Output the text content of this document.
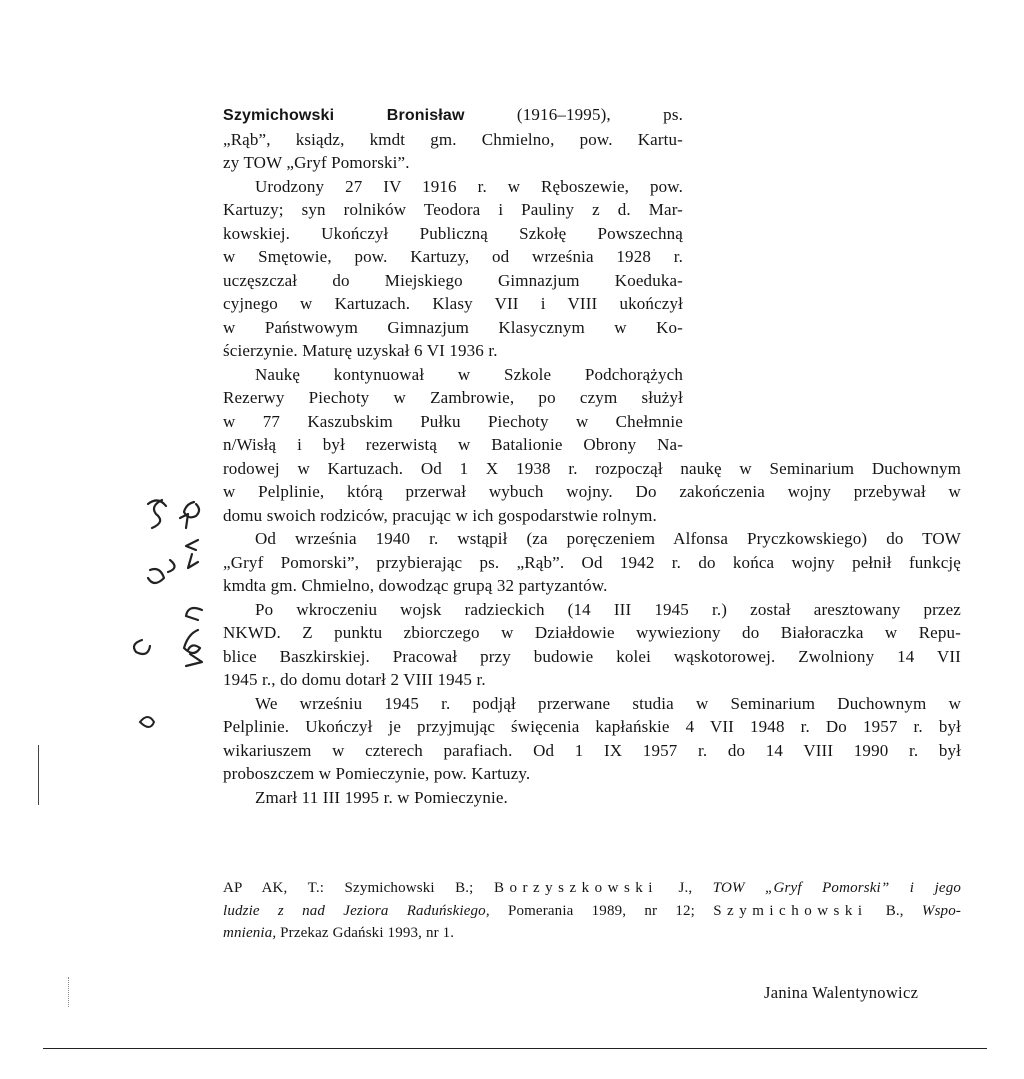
Szymichowski Bronisław (1916–1995), ps.
„Rąb”, ksiądz, kmdt gm. Chmielno, pow. Kartu-
zy TOW „Gryf Pomorski”.
Urodzony 27 IV 1916 r. w Ręboszewie, pow.
Kartuzy; syn rolników Teodora i Pauliny z d. Mar-
kowskiej. Ukończył Publiczną Szkołę Powszechną
w Smętowie, pow. Kartuzy, od września 1928 r.
uczęszczał do Miejskiego Gimnazjum Koeduka-
cyjnego w Kartuzach. Klasy VII i VIII ukończył
w Państwowym Gimnazjum Klasycznym w Ko-
ścierzynie. Maturę uzyskał 6 VI 1936 r.
Naukę kontynuował w Szkole Podchorążych
Rezerwy Piechoty w Zambrowie, po czym służył
w 77 Kaszubskim Pułku Piechoty w Chełmnie
n/Wisłą i był rezerwistą w Batalionie Obrony Na-
rodowej w Kartuzach. Od 1 X 1938 r. rozpoczął naukę w Seminarium Duchownym
w Pelplinie, którą przerwał wybuch wojny. Do zakończenia wojny przebywał w
domu swoich rodziców, pracując w ich gospodarstwie rolnym.
Od września 1940 r. wstąpił (za poręczeniem Alfonsa Pryczkowskiego) do TOW
„Gryf Pomorski”, przybierając ps. „Rąb”. Od 1942 r. do końca wojny pełnił funkcję
kmdta gm. Chmielno, dowodząc grupą 32 partyzantów.
Po wkroczeniu wojsk radzieckich (14 III 1945 r.) został aresztowany przez
NKWD. Z punktu zbiorczego w Działdowie wywieziony do Białoraczka w Repu-
blice Baszkirskiej. Pracował przy budowie kolei wąskotorowej. Zwolniony 14 VII
1945 r., do domu dotarł 2 VIII 1945 r.
We wrześniu 1945 r. podjął przerwane studia w Seminarium Duchownym w
Pelplinie. Ukończył je przyjmując święcenia kapłańskie 4 VII 1948 r. Do 1957 r. był
wikariuszem w czterech parafiach. Od 1 IX 1957 r. do 14 VIII 1990 r. był
proboszczem w Pomieczynie, pow. Kartuzy.
Zmarł 11 III 1995 r. w Pomieczynie.
AP AK, T.: Szymichowski B.; Borzyszkowski J., TOW „Gryf Pomorski” i jego
ludzie z nad Jeziora Raduńskiego, Pomerania 1989, nr 12; Szymichowski B., Wspo-
mnienia, Przekaz Gdański 1993, nr 1.
Janina Walentynowicz
